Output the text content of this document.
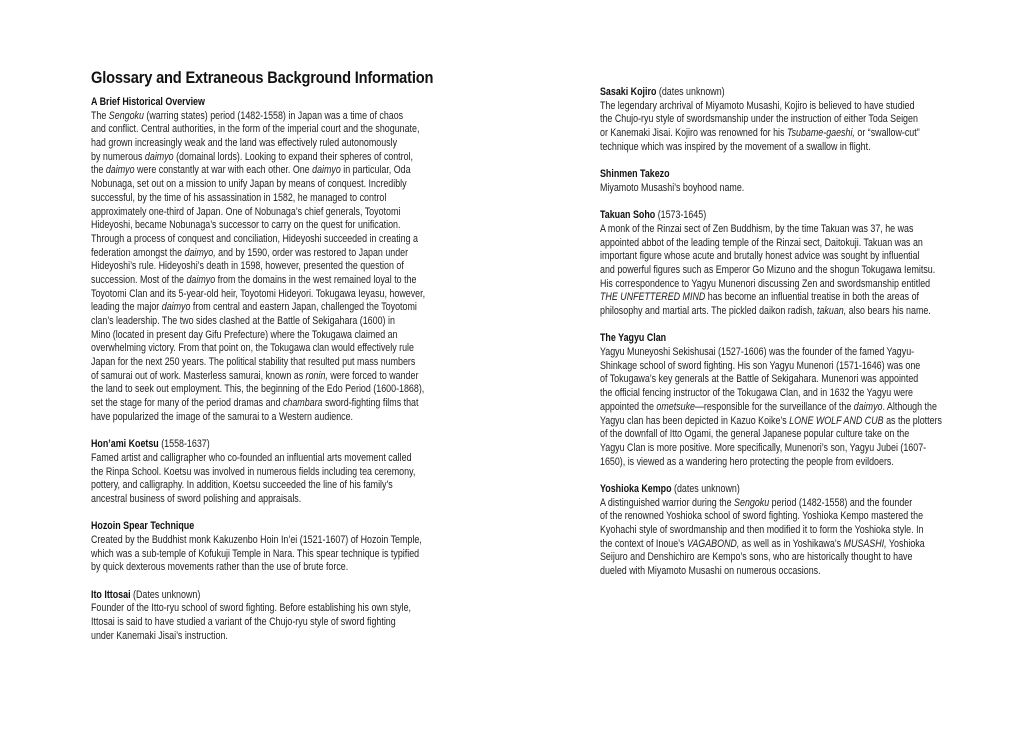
Glossary and Extraneous Background Information
A Brief Historical Overview
The Sengoku (warring states) period (1482-1558) in Japan was a time of chaos
and conflict. Central authorities, in the form of the imperial court and the shogunate,
had grown increasingly weak and the land was effectively ruled autonomously
by numerous daimyo (domainal lords). Looking to expand their spheres of control,
the daimyo were constantly at war with each other. One daimyo in particular, Oda
Nobunaga, set out on a mission to unify Japan by means of conquest. Incredibly
successful, by the time of his assassination in 1582, he managed to control
approximately one-third of Japan. One of Nobunaga’s chief generals, Toyotomi
Hideyoshi, became Nobunaga’s successor to carry on the quest for unification.
Through a process of conquest and conciliation, Hideyoshi succeeded in creating a
federation amongst the daimyo, and by 1590, order was restored to Japan under
Hideyoshi’s rule. Hideyoshi’s death in 1598, however, presented the question of
succession. Most of the daimyo from the domains in the west remained loyal to the
Toyotomi Clan and its 5-year-old heir, Toyotomi Hideyori. Tokugawa Ieyasu, however,
leading the major daimyo from central and eastern Japan, challenged the Toyotomi
clan’s leadership. The two sides clashed at the Battle of Sekigahara (1600) in
Mino (located in present day Gifu Prefecture) where the Tokugawa claimed an
overwhelming victory. From that point on, the Tokugawa clan would effectively rule
Japan for the next 250 years. The political stability that resulted put mass numbers
of samurai out of work. Masterless samurai, known as ronin, were forced to wander
the land to seek out employment. This, the beginning of the Edo Period (1600-1868),
set the stage for many of the period dramas and chambara sword-fighting films that
have popularized the image of the samurai to a Western audience.
Hon’ami Koetsu (1558-1637)
Famed artist and calligrapher who co-founded an influential arts movement called
the Rinpa School. Koetsu was involved in numerous fields including tea ceremony,
pottery, and calligraphy. In addition, Koetsu succeeded the line of his family’s
ancestral business of sword polishing and appraisals.
Hozoin Spear Technique
Created by the Buddhist monk Kakuzenbo Hoin In’ei (1521-1607) of Hozoin Temple,
which was a sub-temple of Kofukuji Temple in Nara. This spear technique is typified
by quick dexterous movements rather than the use of brute force.
Ito Ittosai (Dates unknown)
Founder of the Itto-ryu school of sword fighting. Before establishing his own style,
Ittosai is said to have studied a variant of the Chujo-ryu style of sword fighting
under Kanemaki Jisai’s instruction.
Sasaki Kojiro (dates unknown)
The legendary archrival of Miyamoto Musashi, Kojiro is believed to have studied
the Chujo-ryu style of swordsmanship under the instruction of either Toda Seigen
or Kanemaki Jisai. Kojiro was renowned for his Tsubame-gaeshi, or “swallow-cut”
technique which was inspired by the movement of a swallow in flight.
Shinmen Takezo
Miyamoto Musashi’s boyhood name.
Takuan Soho (1573-1645)
A monk of the Rinzai sect of Zen Buddhism, by the time Takuan was 37, he was
appointed abbot of the leading temple of the Rinzai sect, Daitokuji. Takuan was an
important figure whose acute and brutally honest advice was sought by influential
and powerful figures such as Emperor Go Mizuno and the shogun Tokugawa Iemitsu.
His correspondence to Yagyu Munenori discussing Zen and swordsmanship entitled
THE UNFETTERED MIND has become an influential treatise in both the areas of
philosophy and martial arts. The pickled daikon radish, takuan, also bears his name.
The Yagyu Clan
Yagyu Muneyoshi Sekishusai (1527-1606) was the founder of the famed Yagyu-
Shinkage school of sword fighting. His son Yagyu Munenori (1571-1646) was one
of Tokugawa’s key generals at the Battle of Sekigahara. Munenori was appointed
the official fencing instructor of the Tokugawa Clan, and in 1632 the Yagyu were
appointed the ometsuke—responsible for the surveillance of the daimyo. Although the
Yagyu clan has been depicted in Kazuo Koike’s LONE WOLF AND CUB as the plotters
of the downfall of Itto Ogami, the general Japanese popular culture take on the
Yagyu Clan is more positive. More specifically, Munenori’s son, Yagyu Jubei (1607-
1650), is viewed as a wandering hero protecting the people from evildoers.
Yoshioka Kempo (dates unknown)
A distinguished warrior during the Sengoku period (1482-1558) and the founder
of the renowned Yoshioka school of sword fighting. Yoshioka Kempo mastered the
Kyohachi style of swordmanship and then modified it to form the Yoshioka style. In
the context of Inoue’s VAGABOND, as well as in Yoshikawa’s MUSASHI, Yoshioka
Seijuro and Denshichiro are Kempo’s sons, who are historically thought to have
dueled with Miyamoto Musashi on numerous occasions.
